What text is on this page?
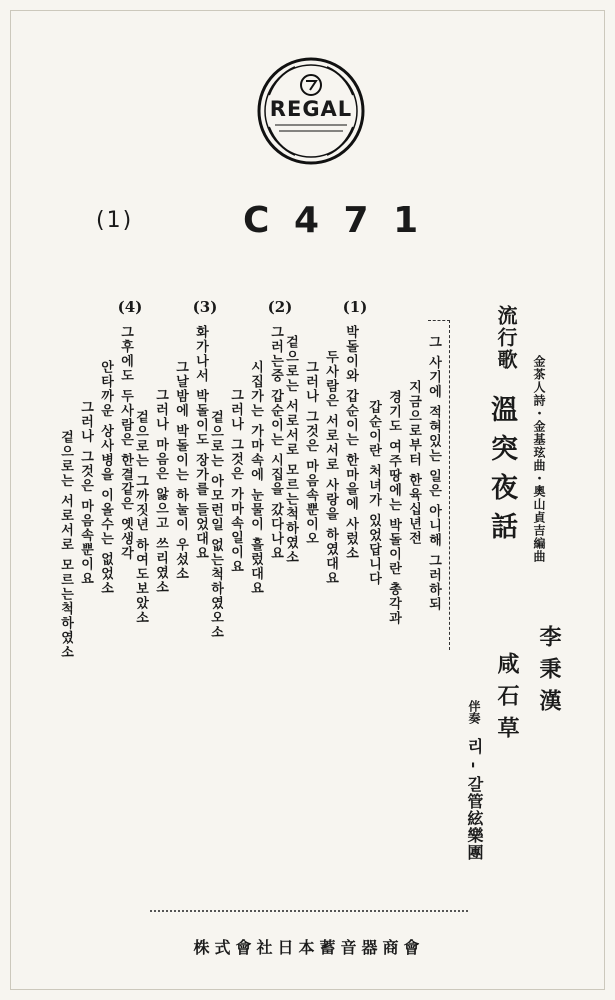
REGAL
(1)	C 4 7 1
金茶人詩・金基玹曲・奧山貞吉編曲
流行歌
溫突夜話
李秉漢
咸石草
伴奏
리 - 갈管絃樂團
그 사기에 적혀있는 일은 아니해 그러하되
지금으로부터 한육십년전
경기도 여주땅에는 박돌이란 총각과
갑순이란 처녀가 있었답니다
(1)
박돌이와 갑순이는 한마을에 사렀소
두사람은 서로서로 사랑을 하였대요
그러나 그것은 마음속뿐이오
겉으로는 서로서로 모르는척하였소
(2)
그러는중 갑순이는 시집을 갔다나요
시집가는 가마속에 눈물이 흘렀대요
그러나 그것은 가마속일이요
겉으로는 아모런일 없는척하였오소
(3)
화가나서 박돌이도 장가를 들었대요
그날밤에 박돌이는 하눌이 우섰소
그러나 마음은 앓으고 쓰리였소
겉으로는 그까짓년 하여도보았소
(4)
그후에도 두사람은 한결같은 옛생각
안타까운 상사병을 이올수는 없었소
그러나 그것은 마음속뿐이요
겉으로는 서로서로 모르는척하였소
株式會社日本蓄音器商會
